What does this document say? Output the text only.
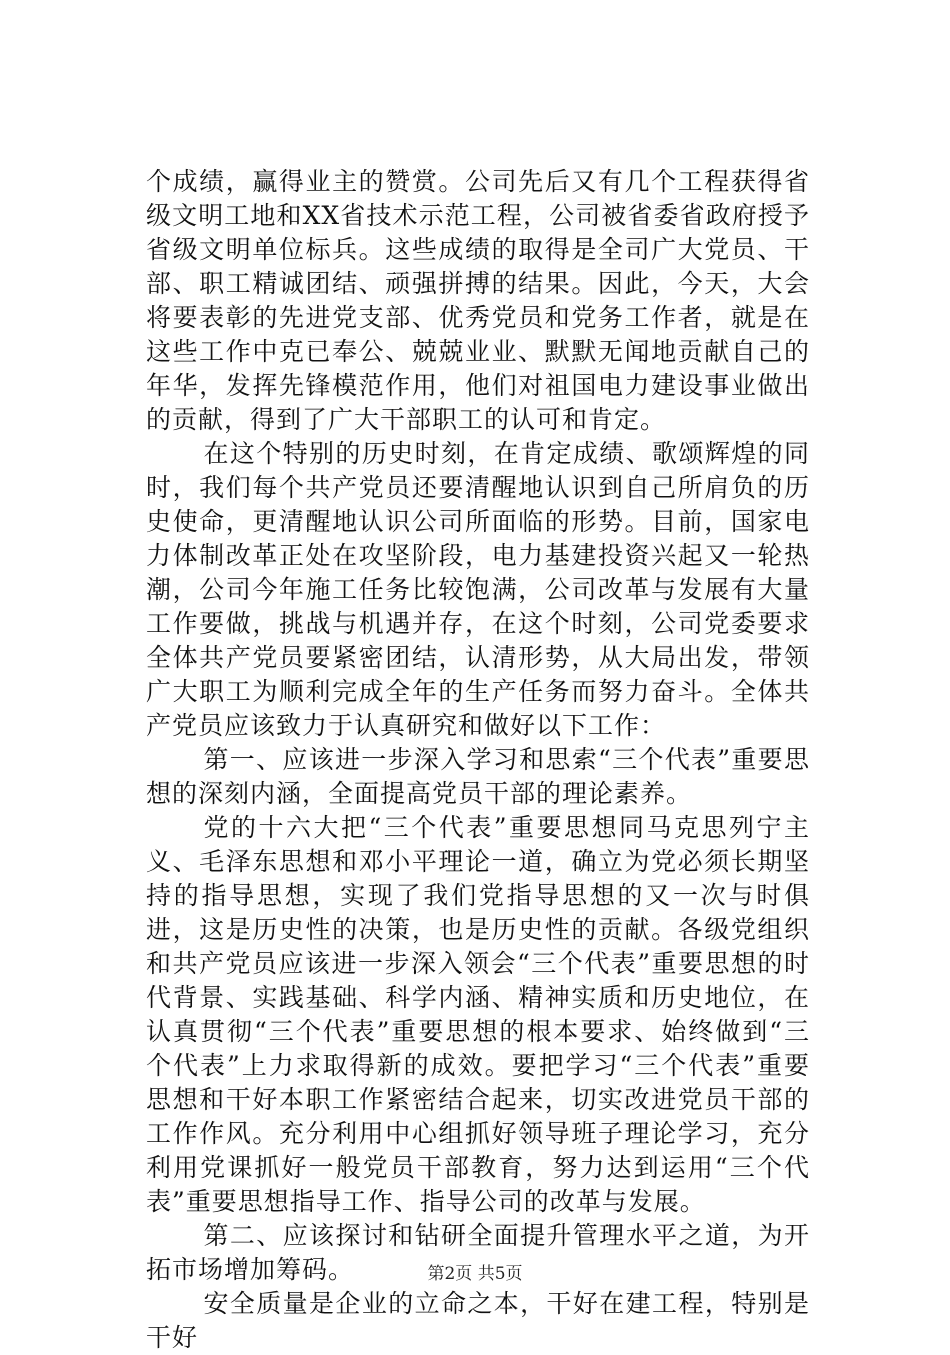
个成绩，赢得业主的赞赏。公司先后又有几个工程获得省级文明工地和XX省技术示范工程，公司被省委省政府授予省级文明单位标兵。这些成绩的取得是全司广大党员、干部、职工精诚团结、顽强拼搏的结果。因此，今天，大会将要表彰的先进党支部、优秀党员和党务工作者，就是在这些工作中克已奉公、兢兢业业、默默无闻地贡献自己的年华，发挥先锋模范作用，他们对祖国电力建设事业做出的贡献，得到了广大干部职工的认可和肯定。

在这个特别的历史时刻，在肯定成绩、歌颂辉煌的同时，我们每个共产党员还要清醒地认识到自己所肩负的历史使命，更清醒地认识公司所面临的形势。目前，国家电力体制改革正处在攻坚阶段，电力基建投资兴起又一轮热潮，公司今年施工任务比较饱满，公司改革与发展有大量工作要做，挑战与机遇并存，在这个时刻，公司党委要求全体共产党员要紧密团结，认清形势，从大局出发，带领广大职工为顺利完成全年的生产任务而努力奋斗。全体共产党员应该致力于认真研究和做好以下工作：

第一、应该进一步深入学习和思索“三个代表”重要思想的深刻内涵，全面提高党员干部的理论素养。

党的十六大把“三个代表”重要思想同马克思列宁主义、毛泽东思想和邓小平理论一道，确立为党必须长期坚持的指导思想，实现了我们党指导思想的又一次与时俱进，这是历史性的决策，也是历史性的贡献。各级党组织和共产党员应该进一步深入领会“三个代表”重要思想的时代背景、实践基础、科学内涵、精神实质和历史地位，在认真贯彻“三个代表”重要思想的根本要求、始终做到“三个代表”上力求取得新的成效。要把学习“三个代表”重要思想和干好本职工作紧密结合起来，切实改进党员干部的工作作风。充分利用中心组抓好领导班子理论学习，充分利用党课抓好一般党员干部教育，努力达到运用“三个代表”重要思想指导工作、指导公司的改革与发展。

第二、应该探讨和钻研全面提升管理水平之道，为开拓市场增加筹码。

安全质量是企业的立命之本，干好在建工程，特别是干好

第2页 共5页
